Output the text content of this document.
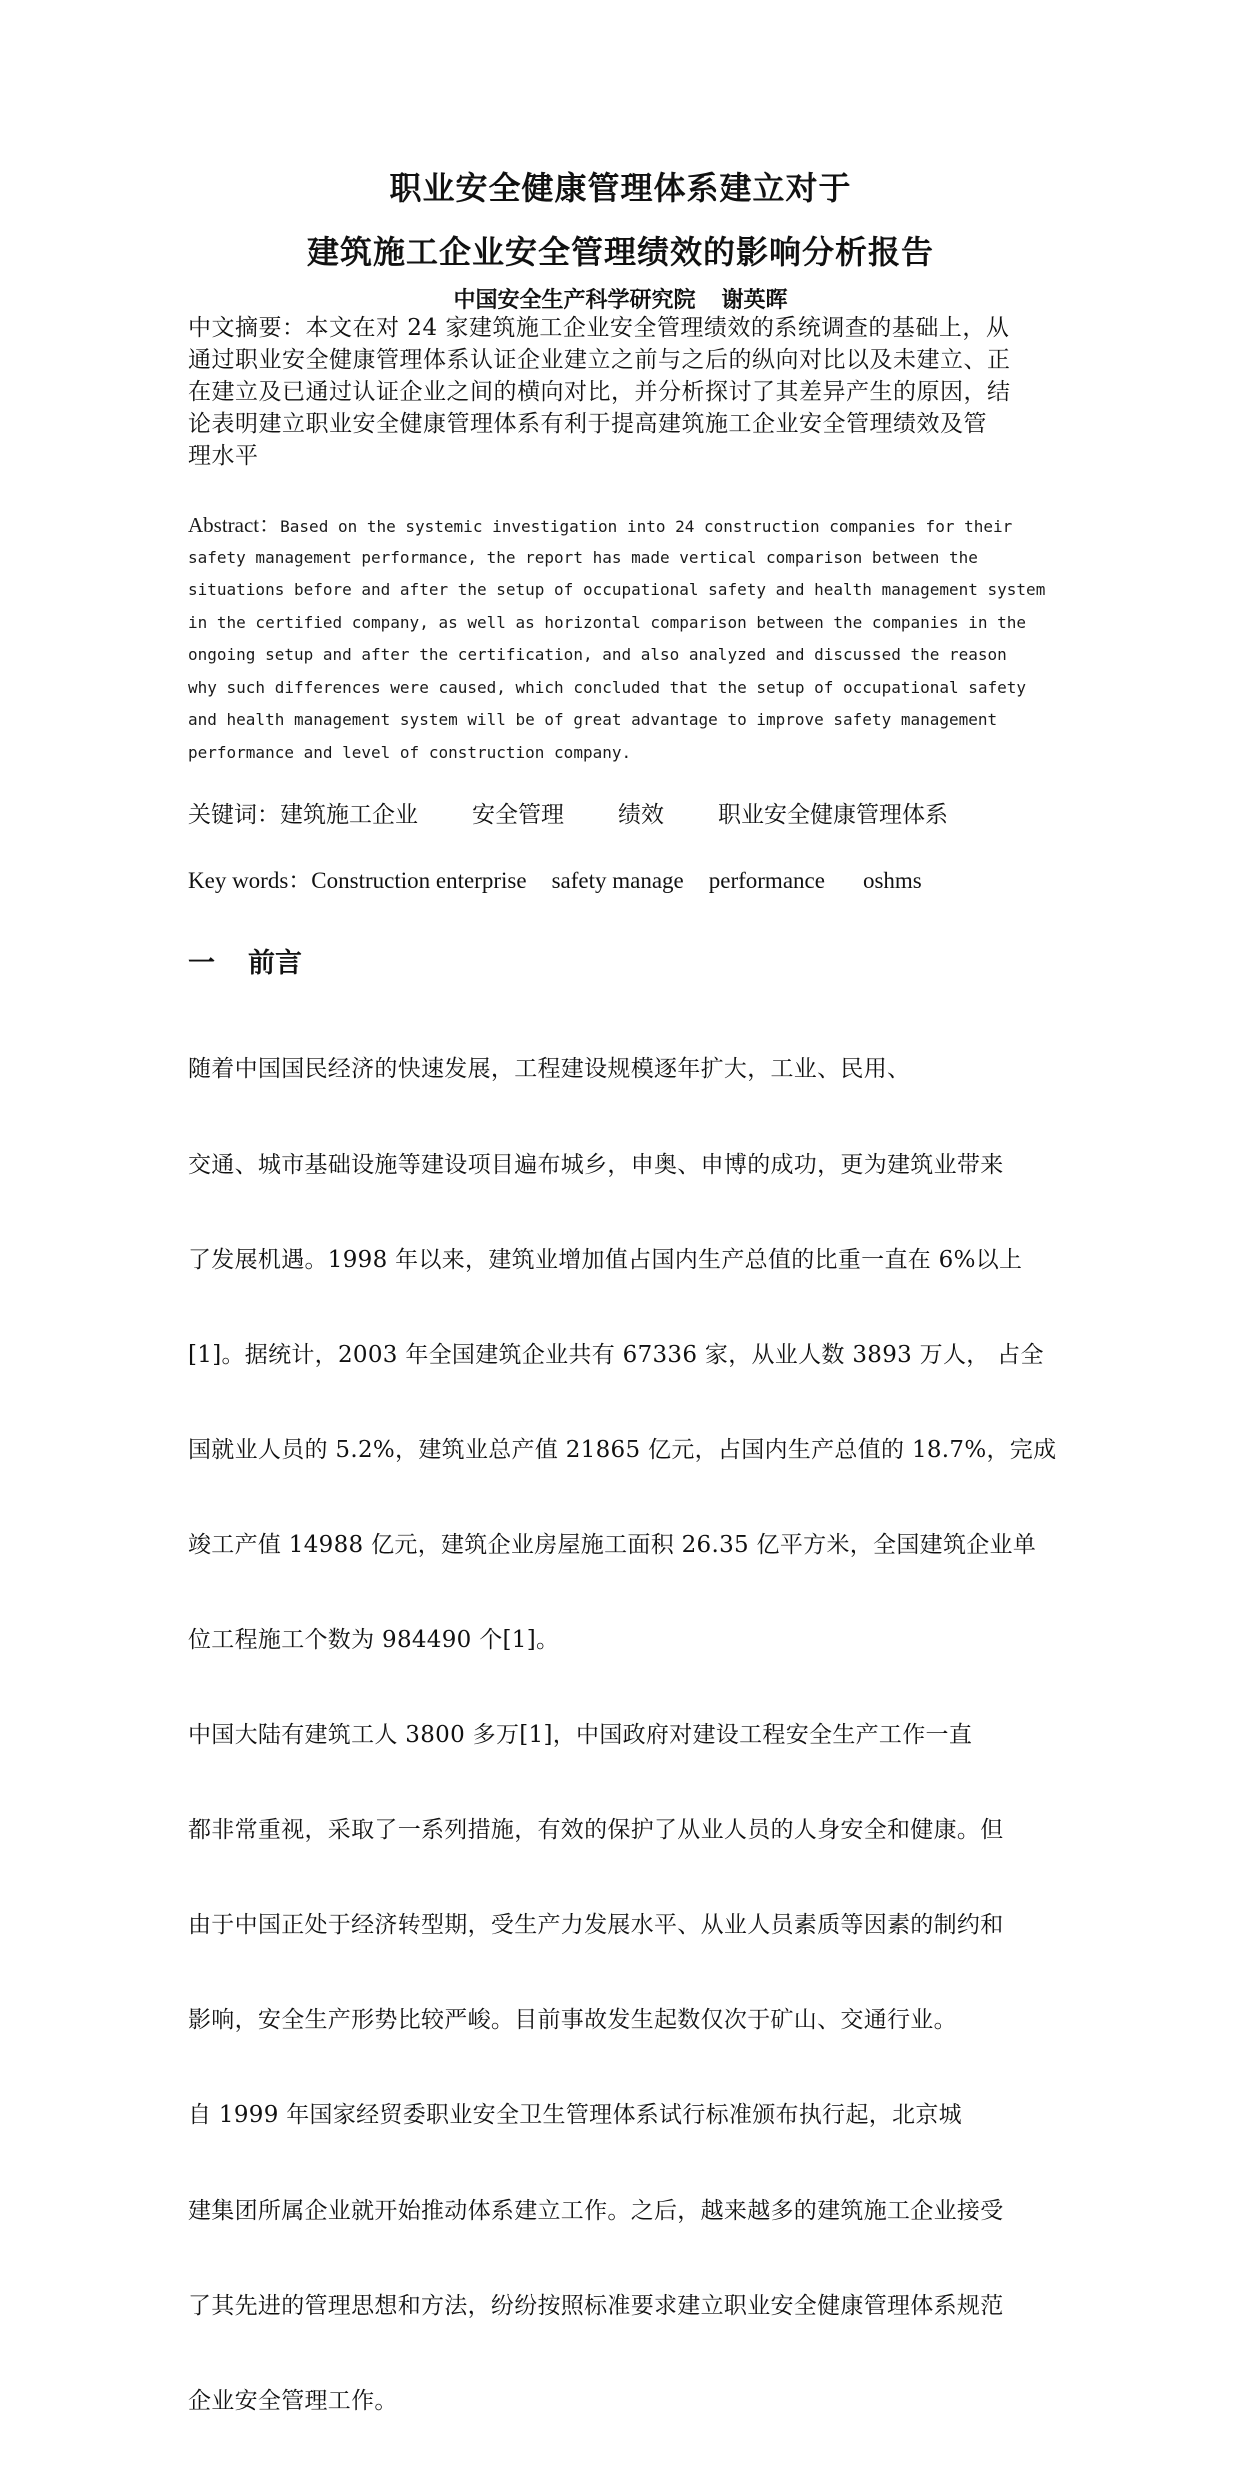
职业安全健康管理体系建立对于
建筑施工企业安全管理绩效的影响分析报告
中国安全生产科学研究院 谢英晖
中文摘要：本文在对 24 家建筑施工企业安全管理绩效的系统调查的基础上，从
通过职业安全健康管理体系认证企业建立之前与之后的纵向对比以及未建立、正
在建立及已通过认证企业之间的横向对比，并分析探讨了其差异产生的原因，结
论表明建立职业安全健康管理体系有利于提高建筑施工企业安全管理绩效及管
理水平
Abstract：Based on the systemic investigation into 24 construction companies for their
safety management performance, the report has made vertical comparison between the
situations before and after the setup of occupational safety and health management system
in the certified company, as well as horizontal comparison between the companies in the
ongoing setup and after the certification, and also analyzed and discussed the reason
why such differences were caused, which concluded that the setup of occupational safety
and health management system will be of great advantage to improve safety management
performance and level of construction company.
关键词：建筑施工企业 安全管理 绩效 职业安全健康管理体系
Key words：Construction enterprise safety manage performance oshms
一 前言

随着中国国民经济的快速发展，工程建设规模逐年扩大，工业、民用、

交通、城市基础设施等建设项目遍布城乡，申奥、申博的成功，更为建筑业带来

了发展机遇。1998 年以来，建筑业增加值占国内生产总值的比重一直在 6%以上

[1]。据统计，2003 年全国建筑企业共有 67336 家，从业人数 3893 万人， 占全

国就业人员的 5.2%，建筑业总产值 21865 亿元，占国内生产总值的 18.7%，完成

竣工产值 14988 亿元，建筑企业房屋施工面积 26.35 亿平方米，全国建筑企业单

位工程施工个数为 984490 个[1]。

中国大陆有建筑工人 3800 多万[1]，中国政府对建设工程安全生产工作一直

都非常重视，采取了一系列措施，有效的保护了从业人员的人身安全和健康。但

由于中国正处于经济转型期，受生产力发展水平、从业人员素质等因素的制约和

影响，安全生产形势比较严峻。目前事故发生起数仅次于矿山、交通行业。

自 1999 年国家经贸委职业安全卫生管理体系试行标准颁布执行起，北京城

建集团所属企业就开始推动体系建立工作。之后，越来越多的建筑施工企业接受

了其先进的管理思想和方法，纷纷按照标准要求建立职业安全健康管理体系规范

企业安全管理工作。
